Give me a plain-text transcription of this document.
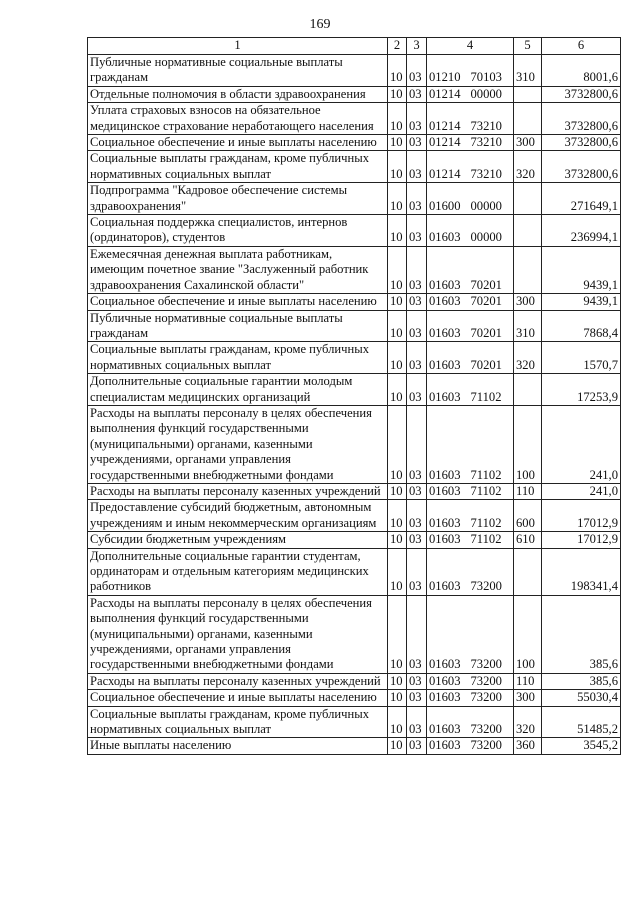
169
1	2	3	4	5	6
Публичные нормативные социальные выплаты гражданам	10	03	01210 70103	310	8001,6
Отдельные полномочия в области здравоохранения	10	03	01214 00000		3732800,6
Уплата страховых взносов на обязательное медицинское страхование неработающего населения	10	03	01214 73210		3732800,6
Социальное обеспечение и иные выплаты населению	10	03	01214 73210	300	3732800,6
Социальные выплаты гражданам, кроме публичных нормативных социальных выплат	10	03	01214 73210	320	3732800,6
Подпрограмма "Кадровое обеспечение системы здравоохранения"	10	03	01600 00000		271649,1
Социальная поддержка специалистов, интернов (ординаторов), студентов	10	03	01603 00000		236994,1
Ежемесячная денежная выплата работникам, имеющим почетное звание "Заслуженный работник здравоохранения Сахалинской области"	10	03	01603 70201		9439,1
Социальное обеспечение и иные выплаты населению	10	03	01603 70201	300	9439,1
Публичные нормативные социальные выплаты гражданам	10	03	01603 70201	310	7868,4
Социальные выплаты гражданам, кроме публичных нормативных социальных выплат	10	03	01603 70201	320	1570,7
Дополнительные социальные гарантии молодым специалистам медицинских организаций	10	03	01603 71102		17253,9
Расходы на выплаты персоналу в целях обеспечения выполнения функций государственными (муниципальными) органами, казенными учреждениями, органами управления государственными внебюджетными фондами	10	03	01603 71102	100	241,0
Расходы на выплаты персоналу казенных учреждений	10	03	01603 71102	110	241,0
Предоставление субсидий бюджетным, автономным учреждениям и иным некоммерческим организациям	10	03	01603 71102	600	17012,9
Субсидии бюджетным учреждениям	10	03	01603 71102	610	17012,9
Дополнительные социальные гарантии студентам, ординаторам и отдельным категориям медицинских работников	10	03	01603 73200		198341,4
Расходы на выплаты персоналу в целях обеспечения выполнения функций государственными (муниципальными) органами, казенными учреждениями, органами управления государственными внебюджетными фондами	10	03	01603 73200	100	385,6
Расходы на выплаты персоналу казенных учреждений	10	03	01603 73200	110	385,6
Социальное обеспечение и иные выплаты населению	10	03	01603 73200	300	55030,4
Социальные выплаты гражданам, кроме публичных нормативных социальных выплат	10	03	01603 73200	320	51485,2
Иные выплаты населению	10	03	01603 73200	360	3545,2
